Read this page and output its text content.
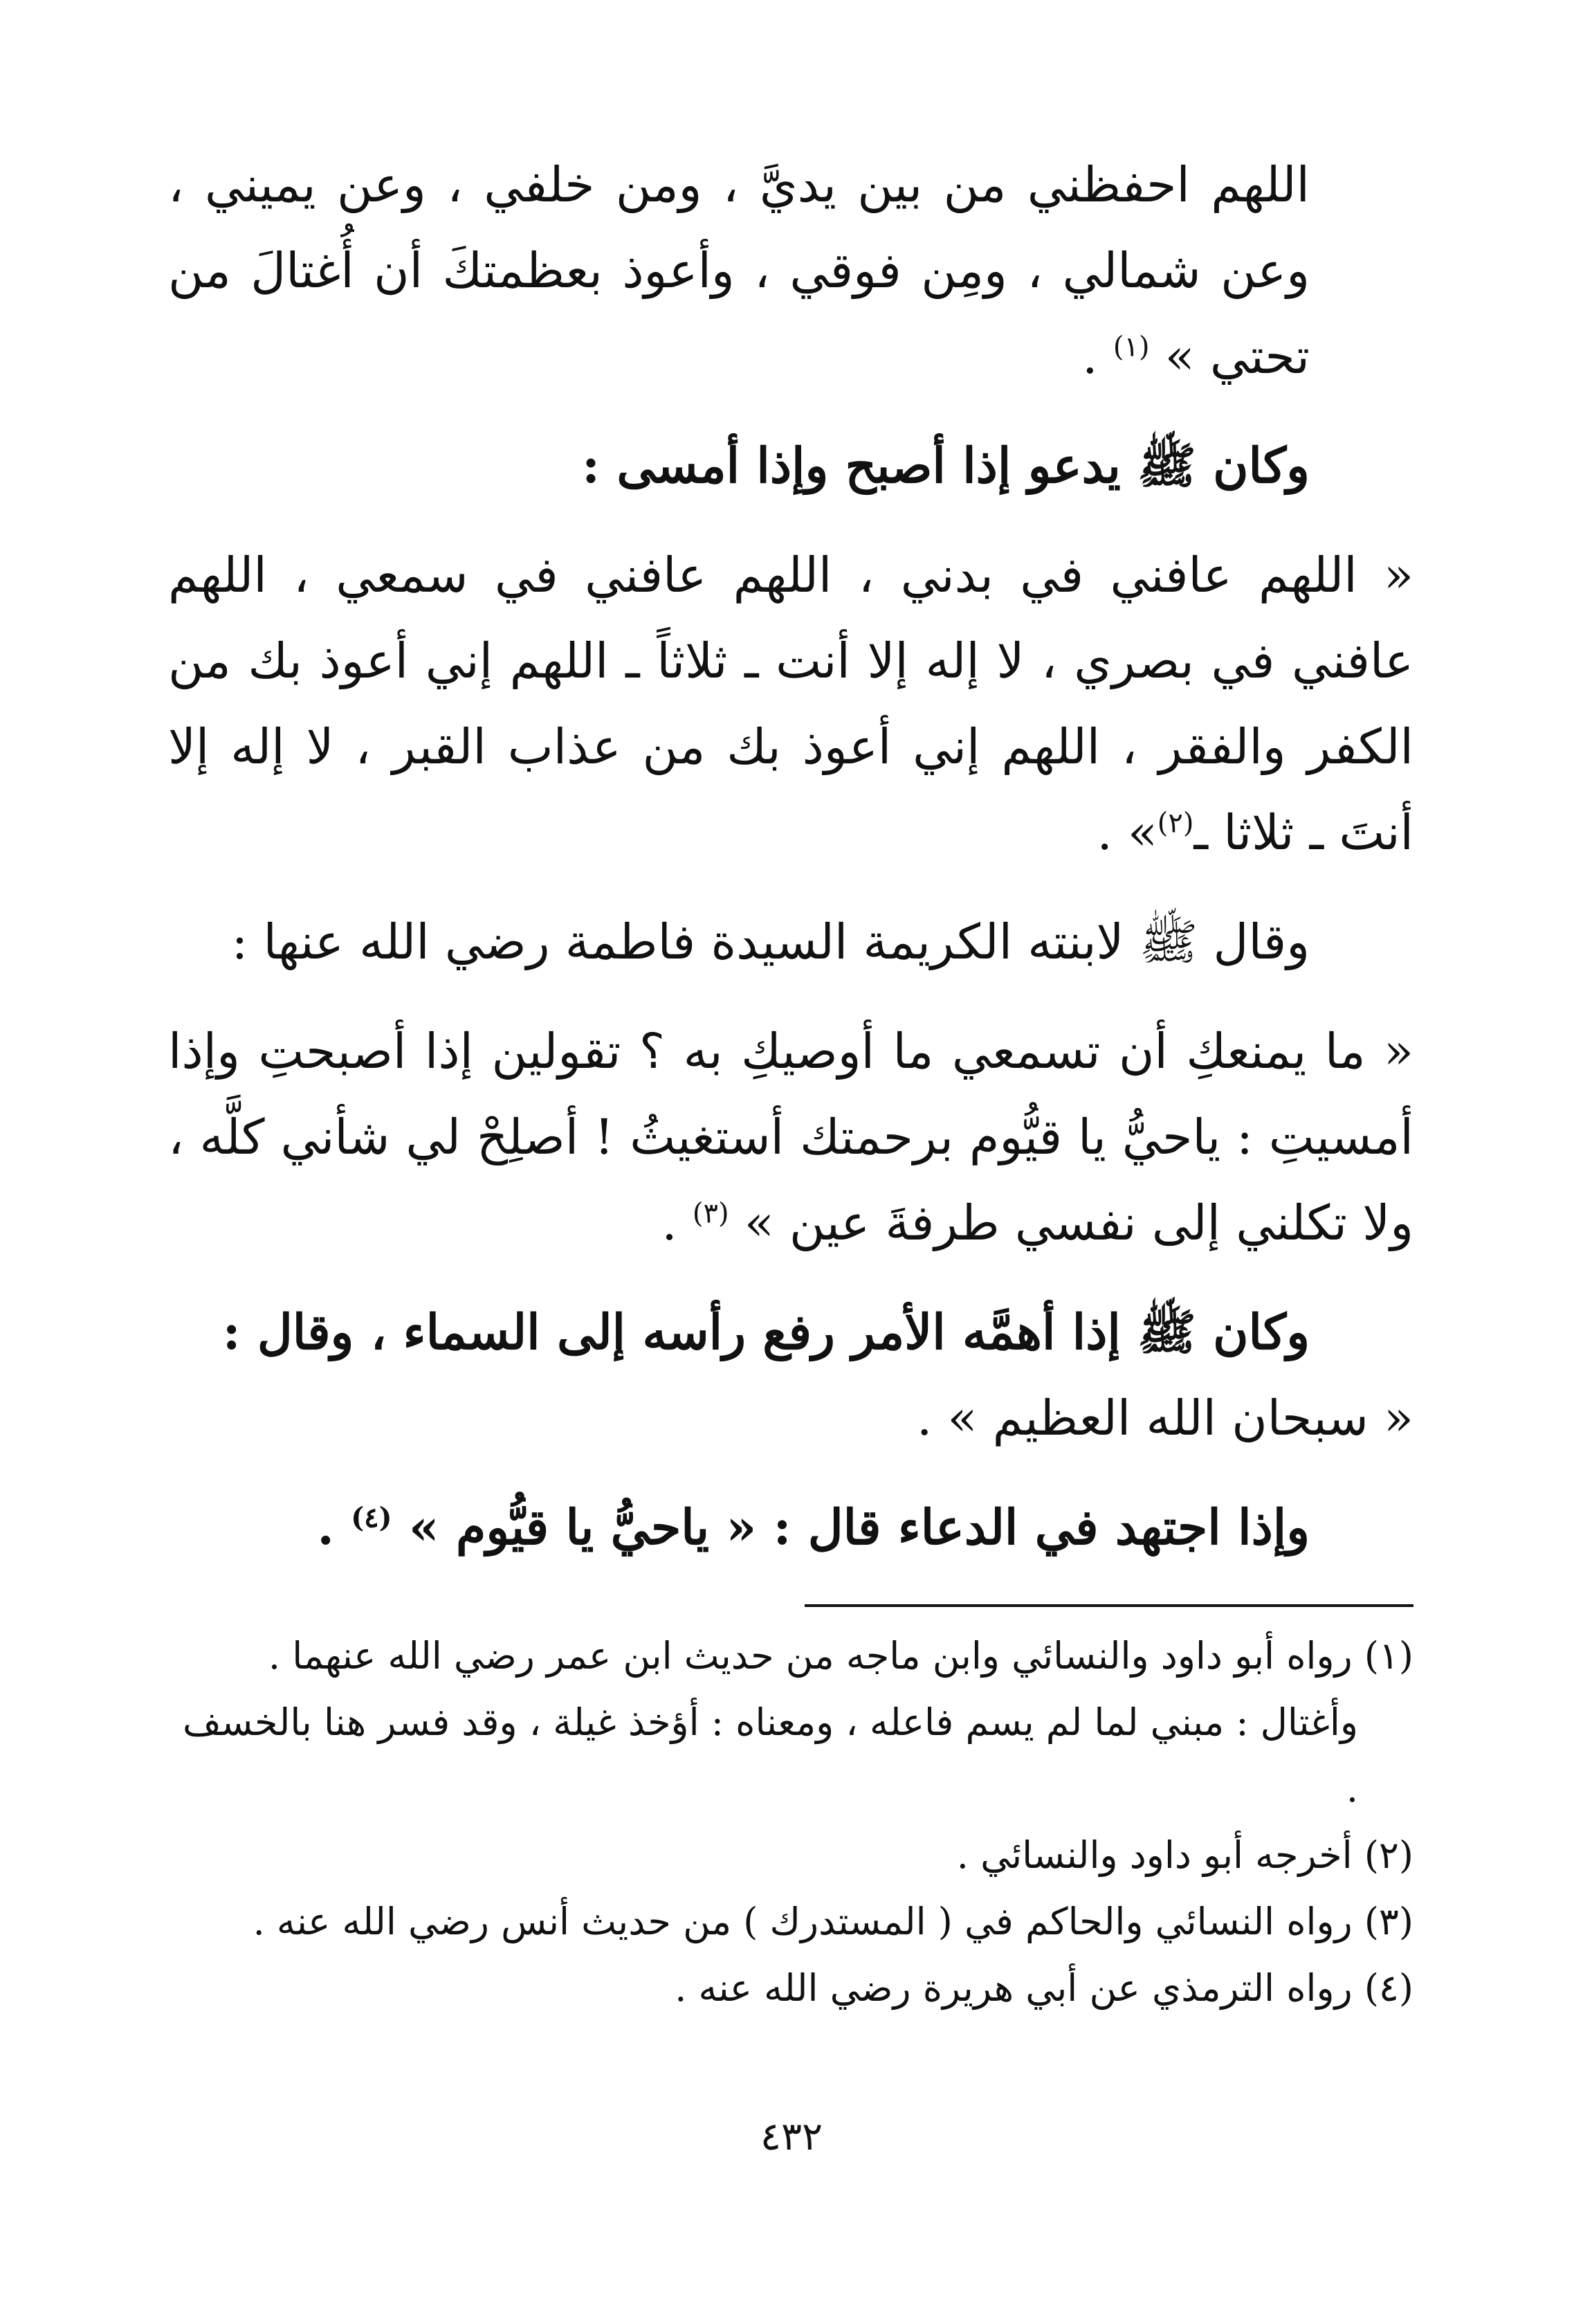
اللهم احفظني من بين يديَّ ، ومن خلفي ، وعن يميني ، وعن شمالي ، ومِن فوقي ، وأعوذ بعظمتكَ أن أُغتالَ من تحتي » $^{(١)}$ .

وكان ﷺ يدعو إذا أصبح وإذا أمسى :

« اللهم عافني في بدني ، اللهم عافني في سمعي ، اللهم عافني في بصري ، لا إله إلا أنت ـ ثلاثاً ـ اللهم إني أعوذ بك من الكفر والفقر ، اللهم إني أعوذ بك من عذاب القبر ، لا إله إلا أنتَ ـ ثلاثا ـ$^{(٢)}$» .

وقال ﷺ لابنته الكريمة السيدة فاطمة رضي الله عنها :

« ما يمنعكِ أن تسمعي ما أوصيكِ به ؟ تقولين إذا أصبحتِ وإذا أمسيتِ : ياحيُّ يا قيُّوم برحمتك أستغيثُ ! أصلِحْ لي شأني كلَّه ، ولا تكلني إلى نفسي طرفةَ عين » $^{(٣)}$ .

وكان ﷺ إذا أهمَّه الأمر رفع رأسه إلى السماء ، وقال :

« سبحان الله العظيم » .

وإذا اجتهد في الدعاء قال : « ياحيُّ يا قيُّوم » $^{(٤)}$ .

(١) رواه أبو داود والنسائي وابن ماجه من حديث ابن عمر رضي الله عنهما .

وأغتال : مبني لما لم يسم فاعله ، ومعناه : أؤخذ غيلة ، وقد فسر هنا بالخسف .

(٢) أخرجه أبو داود والنسائي .

(٣) رواه النسائي والحاكم في ( المستدرك ) من حديث أنس رضي الله عنه .

(٤) رواه الترمذي عن أبي هريرة رضي الله عنه .

٤٣٢
